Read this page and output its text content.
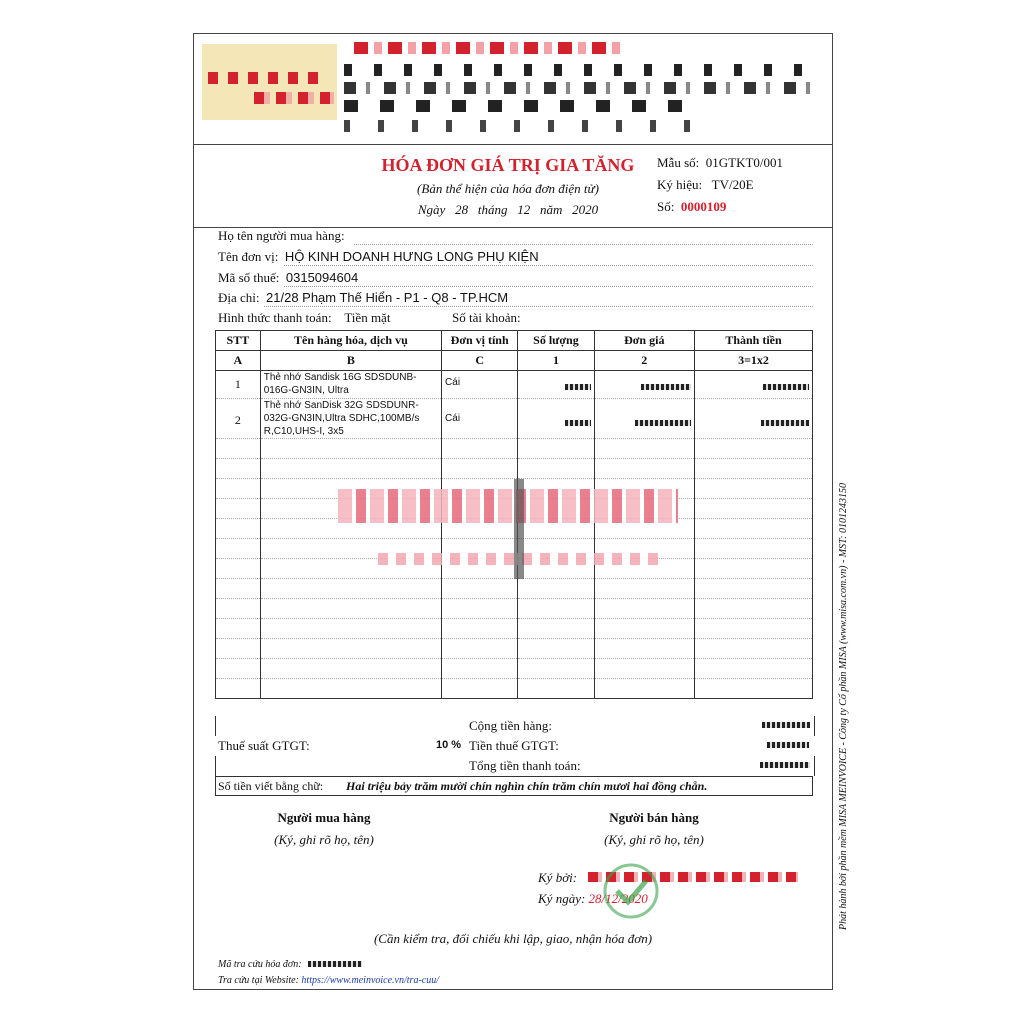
HÓA ĐƠN GIÁ TRỊ GIA TĂNG
(Bản thể hiện của hóa đơn điện tử)
Ngày 28 tháng 12 năm 2020
Mẫu số: 01GTKT0/001
Ký hiệu: TV/20E
Số: 0000109
Họ tên người mua hàng:
Tên đơn vị: HỘ KINH DOANH HƯNG LONG PHỤ KIỆN
Mã số thuế: 0315094604
Địa chỉ: 21/28 Phạm Thế Hiển - P1 - Q8 - TP.HCM
Hình thức thanh toán: Tiền mặt	Số tài khoản:
STT	Tên hàng hóa, dịch vụ	Đơn vị tính	Số lượng	Đơn giá	Thành tiền
A	B	C	1	2	3=1x2
1	Thẻ nhớ Sandisk 16G SDSDUNB-016G-GN3IN, Ultra	Cái			
2	Thẻ nhớ SanDisk 32G SDSDUNR-032G-GN3IN,Ultra SDHC,100MB/s R,C10,UHS-I, 3x5	Cái			

Cộng tiền hàng:
Thuế suất GTGT:	10 % Tiền thuế GTGT:
Tổng tiền thanh toán:
Số tiền viết bằng chữ: Hai triệu bảy trăm mười chín nghìn chín trăm chín mươi hai đồng chẵn.
Người mua hàng
(Ký, ghi rõ họ, tên)
Người bán hàng
(Ký, ghi rõ họ, tên)
Ký bởi:
Ký ngày: 28/12/2020
(Cần kiểm tra, đối chiếu khi lập, giao, nhận hóa đơn)
Mã tra cứu hóa đơn:
Tra cứu tại Website: https://www.meinvoice.vn/tra-cuu/
Phát hành bởi phần mềm MISA MEINVOICE - Công ty Cổ phần MISA (www.misa.com.vn) - MST: 0101243150
